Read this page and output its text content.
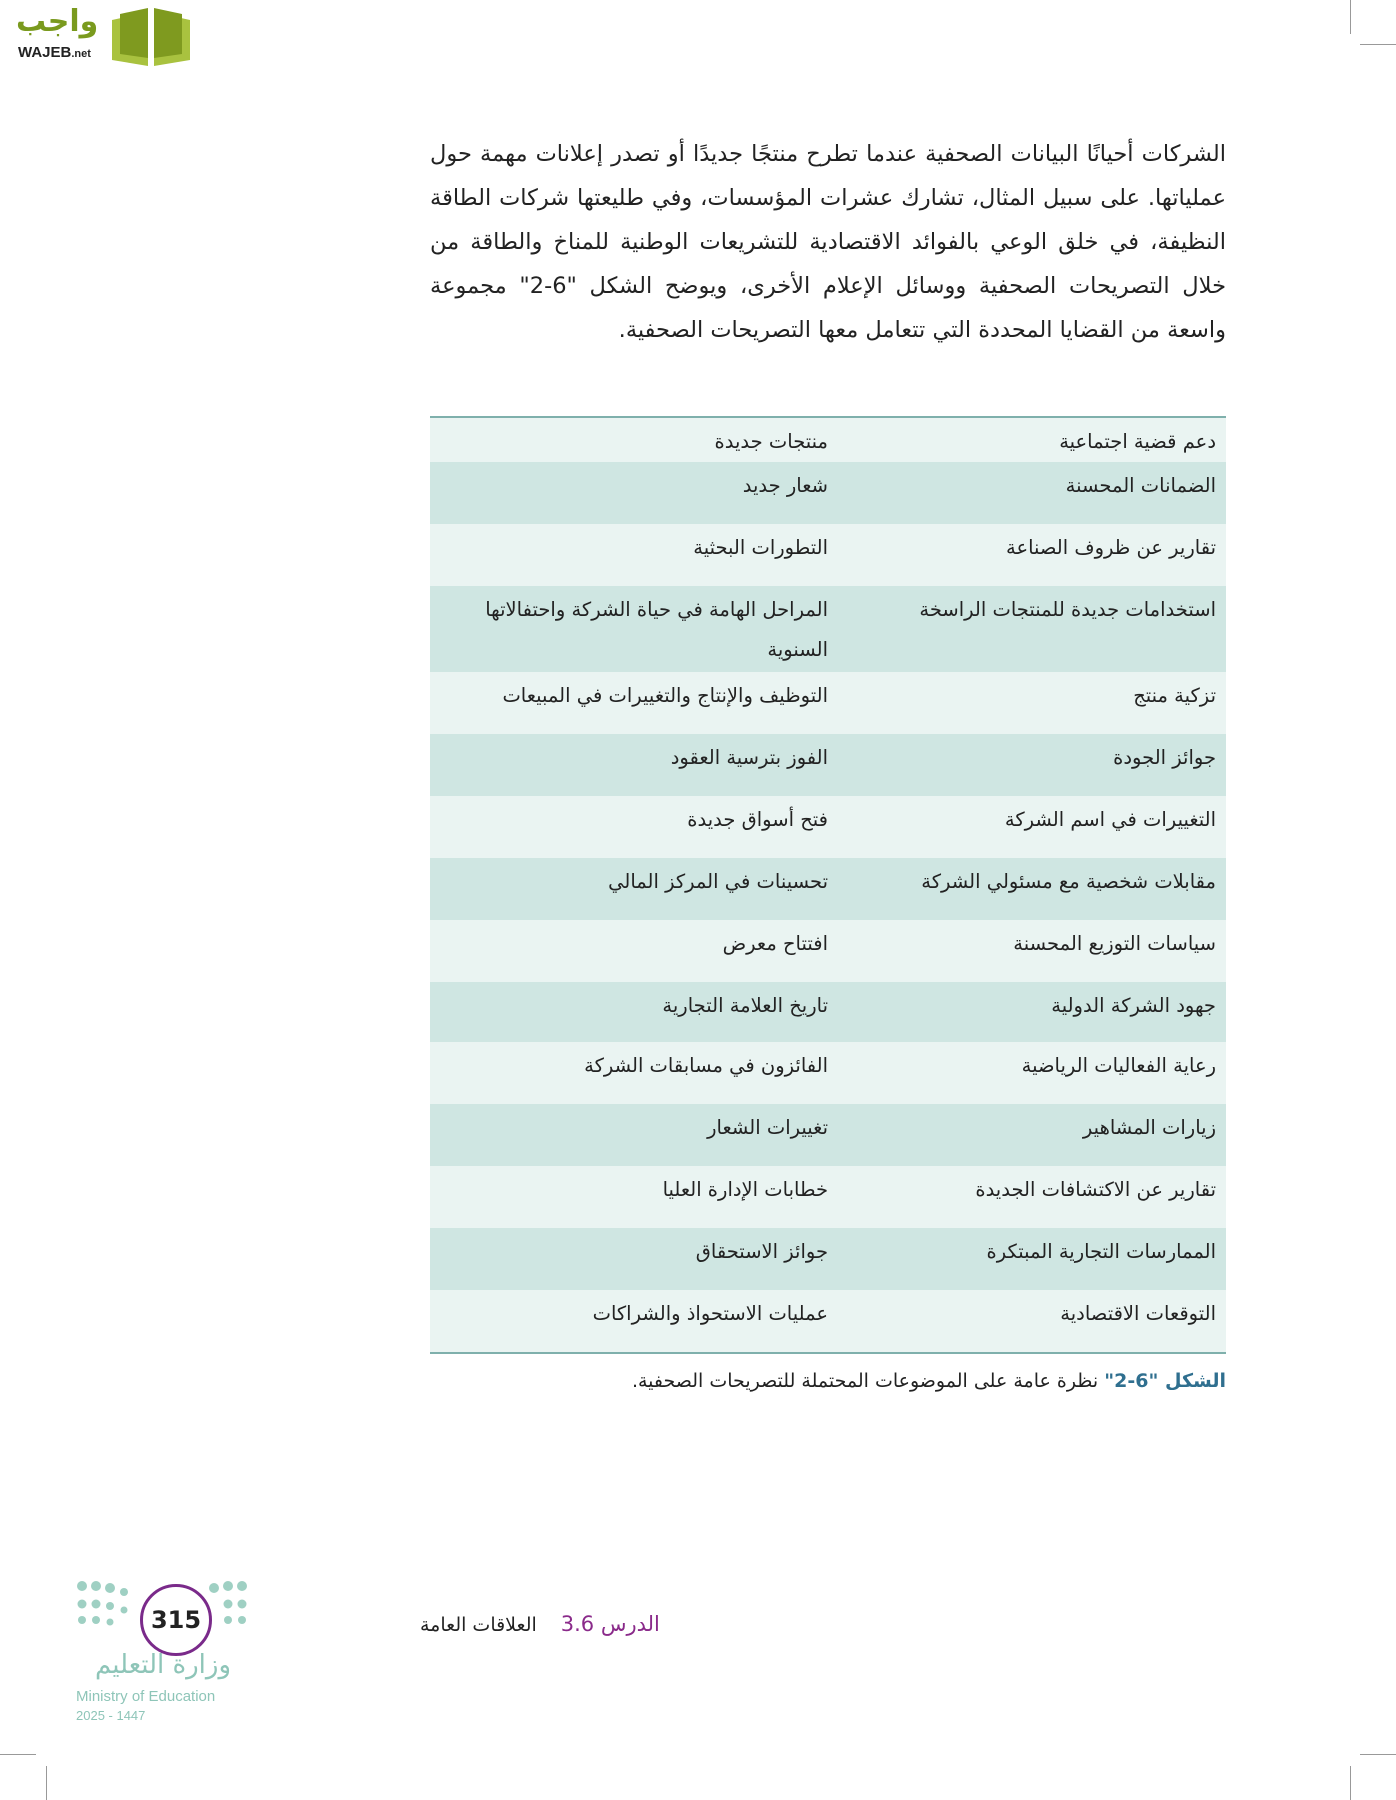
واجب
WAJEB.net
الشركات أحيانًا البيانات الصحفية عندما تطرح منتجًا جديدًا أو تصدر إعلانات مهمة حول عملياتها. على سبيل المثال، تشارك عشرات المؤسسات، وفي طليعتها شركات الطاقة النظيفة، في خلق الوعي بالفوائد الاقتصادية للتشريعات الوطنية للمناخ والطاقة من خلال التصريحات الصحفية ووسائل الإعلام الأخرى، ويوضح الشكل "6-2" مجموعة واسعة من القضايا المحددة التي تتعامل معها التصريحات الصحفية.
دعم قضية اجتماعية
منتجات جديدة
الضمانات المحسنة
شعار جديد
تقارير عن ظروف الصناعة
التطورات البحثية
استخدامات جديدة للمنتجات الراسخة
المراحل الهامة في حياة الشركة واحتفالاتها السنوية
تزكية منتج
التوظيف والإنتاج والتغييرات في المبيعات
جوائز الجودة
الفوز بترسية العقود
التغييرات في اسم الشركة
فتح أسواق جديدة
مقابلات شخصية مع مسئولي الشركة
تحسينات في المركز المالي
سياسات التوزيع المحسنة
افتتاح معرض
جهود الشركة الدولية
تاريخ العلامة التجارية
رعاية الفعاليات الرياضية
الفائزون في مسابقات الشركة
زيارات المشاهير
تغييرات الشعار
تقارير عن الاكتشافات الجديدة
خطابات الإدارة العليا
الممارسات التجارية المبتكرة
جوائز الاستحقاق
التوقعات الاقتصادية
عمليات الاستحواذ والشراكات
الشكل "6-2" نظرة عامة على الموضوعات المحتملة للتصريحات الصحفية.
الدرس 3.6العلاقات العامة
315
وزارة التعليم
Ministry of Education
2025 - 1447
